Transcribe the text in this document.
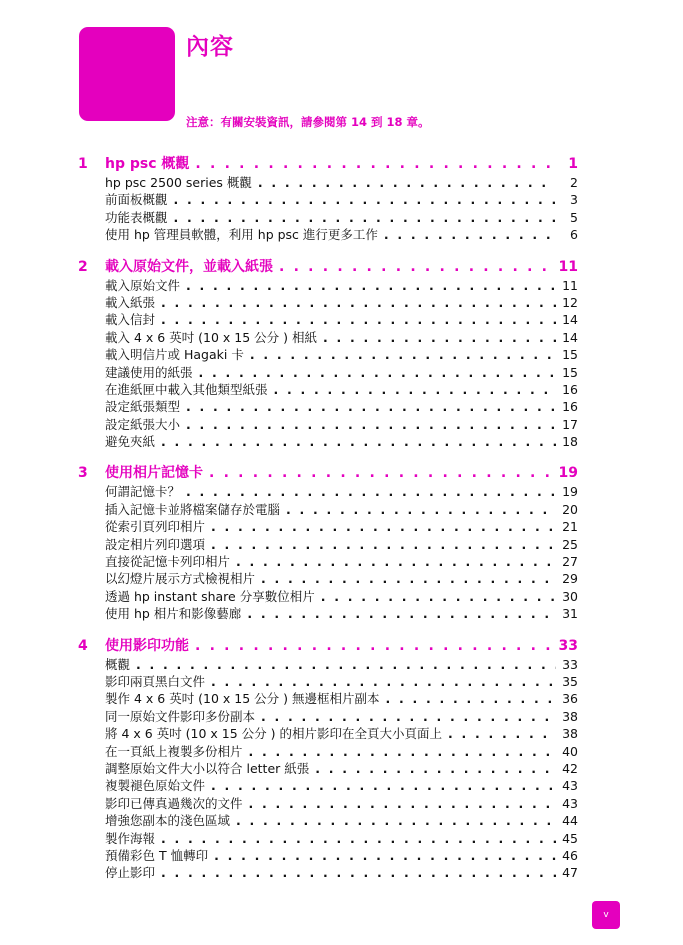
內容
注意：有關安裝資訊，請參閱第 14 到 18 章。
1	hp psc 概觀 . . .	1
hp psc 2500 series 概觀 . . .	2
前面板概觀 . . .	3
功能表概觀 . . .	5
使用 hp 管理員軟體，利用 hp psc 進行更多工作 . . .	6
2	載入原始文件，並載入紙張 . . .	11
載入原始文件 . . .	11
載入紙張 . . .	12
載入信封 . . .	14
載入 4 x 6 英吋 (10 x 15 公分 ) 相紙 . . .	14
載入明信片或 Hagaki 卡 . . .	15
建議使用的紙張 . . .	15
在進紙匣中載入其他類型紙張 . . .	16
設定紙張類型 . . .	16
設定紙張大小 . . .	17
避免夾紙 . . .	18
3	使用相片記憶卡 . . .	19
何謂記憶卡？ . . .	19
插入記憶卡並將檔案儲存於電腦 . . .	20
從索引頁列印相片 . . .	21
設定相片列印選項 . . .	25
直接從記憶卡列印相片 . . .	27
以幻燈片展示方式檢視相片 . . .	29
透過 hp instant share 分享數位相片 . . .	30
使用 hp 相片和影像藝廊 . . .	31
4	使用影印功能 . . .	33
概觀 . . .	33
影印兩頁黑白文件 . . .	35
製作 4 x 6 英吋 (10 x 15 公分 ) 無邊框相片副本 . . .	36
同一原始文件影印多份副本 . . .	38
將 4 x 6 英吋 (10 x 15 公分 ) 的相片影印在全頁大小頁面上 . . .	38
在一頁紙上複製多份相片 . . .	40
調整原始文件大小以符合 letter 紙張 . . .	42
複製褪色原始文件 . . .	43
影印已傳真過幾次的文件 . . .	43
增強您副本的淺色區域 . . .	44
製作海報 . . .	45
預備彩色 T 恤轉印 . . .	46
停止影印 . . .	47
v
